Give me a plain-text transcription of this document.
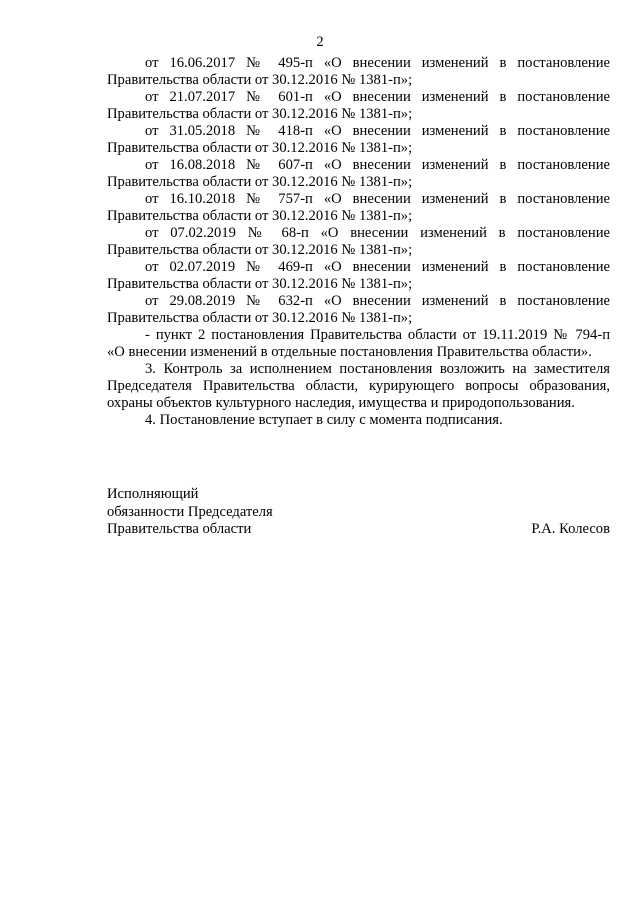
2
от 16.06.2017 № 495-п «О внесении изменений в постановление
Правительства области от 30.12.2016 № 1381-п»;
от 21.07.2017 № 601-п «О внесении изменений в постановление
Правительства области от 30.12.2016 № 1381-п»;
от 31.05.2018 № 418-п «О внесении изменений в постановление
Правительства области от 30.12.2016 № 1381-п»;
от 16.08.2018 № 607-п «О внесении изменений в постановление
Правительства области от 30.12.2016 № 1381-п»;
от 16.10.2018 № 757-п «О внесении изменений в постановление
Правительства области от 30.12.2016 № 1381-п»;
от 07.02.2019 № 68-п «О внесении изменений в постановление
Правительства области от 30.12.2016 № 1381-п»;
от 02.07.2019 № 469-п «О внесении изменений в постановление
Правительства области от 30.12.2016 № 1381-п»;
от 29.08.2019 № 632-п «О внесении изменений в постановление
Правительства области от 30.12.2016 № 1381-п»;
- пункт 2 постановления Правительства области от 19.11.2019 № 794-п
«О внесении изменений в отдельные постановления Правительства области».
3. Контроль за исполнением постановления возложить на заместителя
Председателя Правительства области, курирующего вопросы образования,
охраны объектов культурного наследия, имущества и природопользования.
4. Постановление вступает в силу с момента подписания.
Исполняющий
обязанности Председателя
Правительства области	Р.А. Колесов
